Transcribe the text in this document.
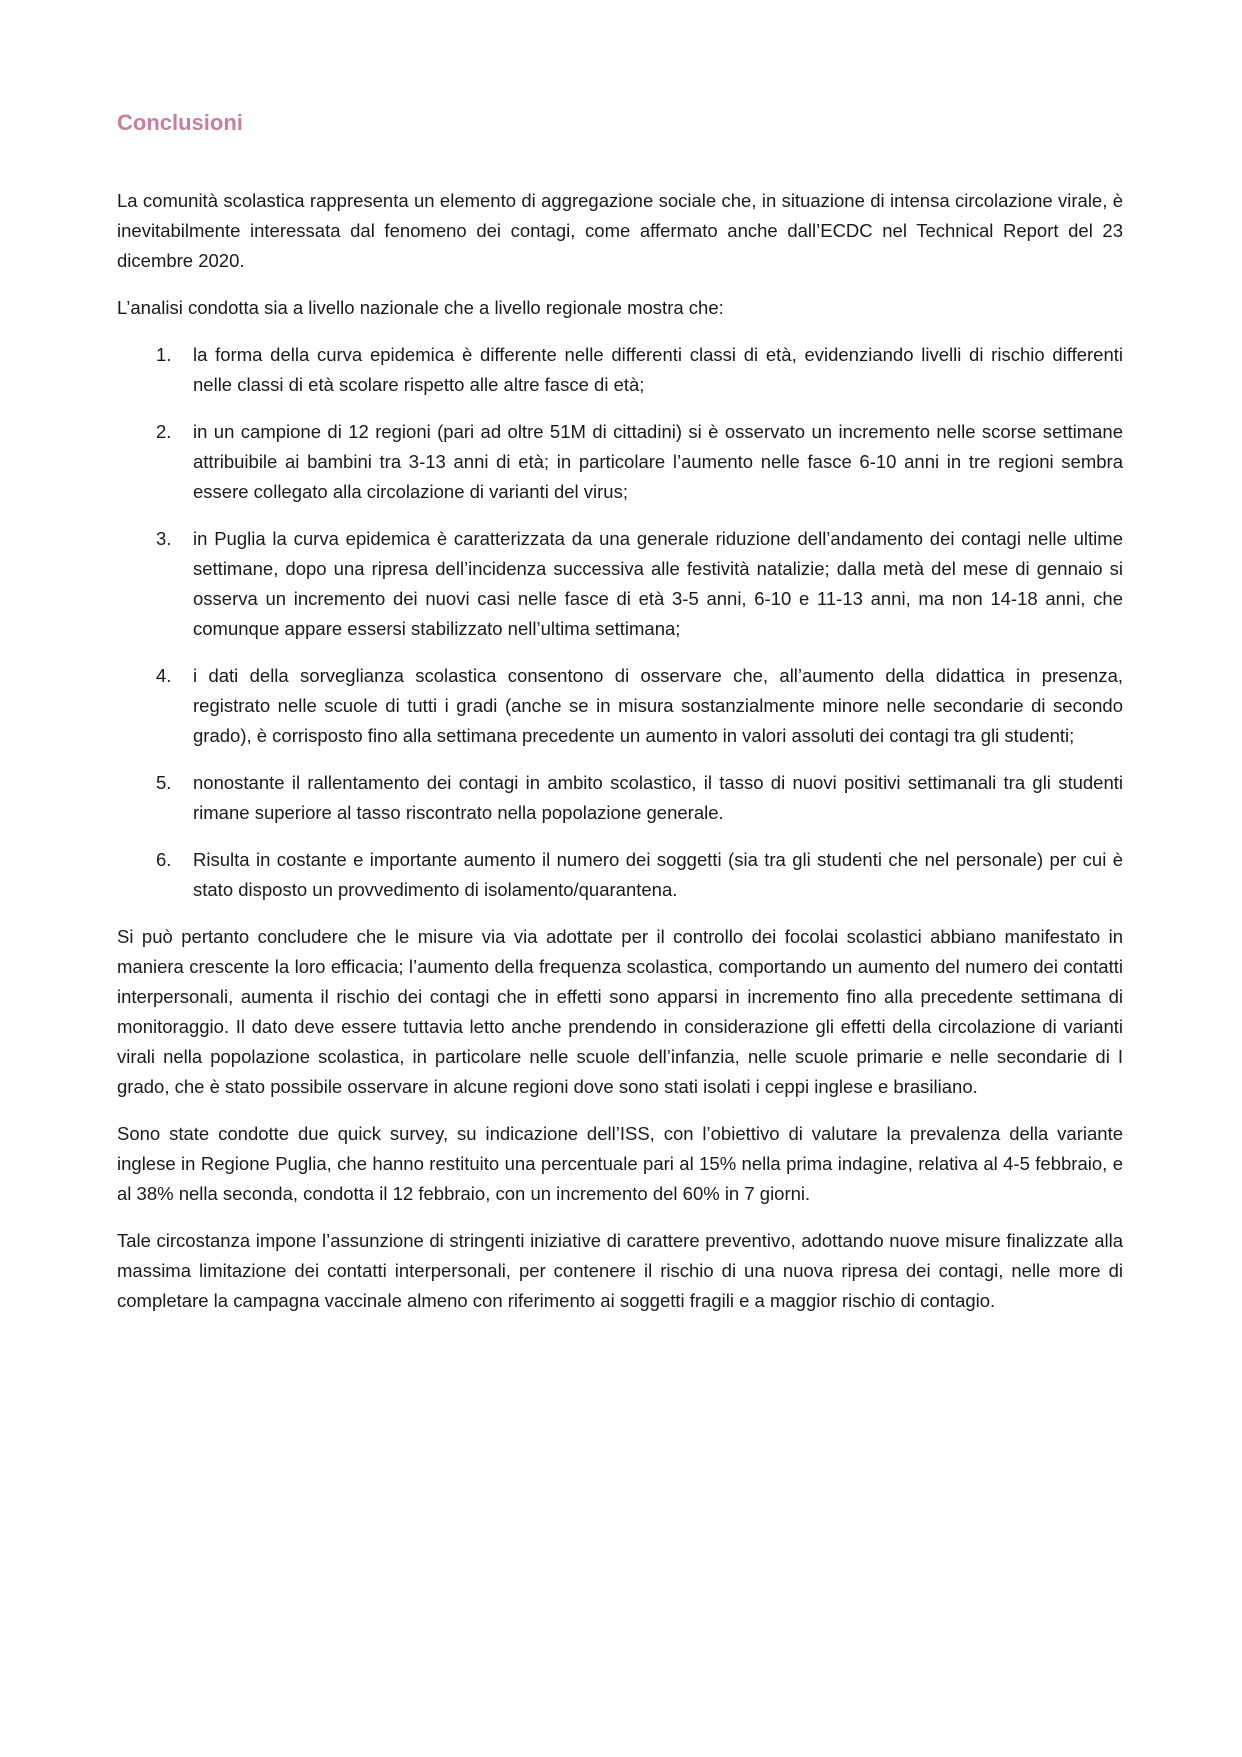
Conclusioni

La comunità scolastica rappresenta un elemento di aggregazione sociale che, in situazione di intensa circolazione virale, è inevitabilmente interessata dal fenomeno dei contagi, come affermato anche dall’ECDC nel Technical Report del 23 dicembre 2020.

L’analisi condotta sia a livello nazionale che a livello regionale mostra che:

1. la forma della curva epidemica è differente nelle differenti classi di età, evidenziando livelli di rischio differenti nelle classi di età scolare rispetto alle altre fasce di età;
2. in un campione di 12 regioni (pari ad oltre 51M di cittadini) si è osservato un incremento nelle scorse settimane attribuibile ai bambini tra 3-13 anni di età; in particolare l’aumento nelle fasce 6-10 anni in tre regioni sembra essere collegato alla circolazione di varianti del virus;
3. in Puglia la curva epidemica è caratterizzata da una generale riduzione dell’andamento dei contagi nelle ultime settimane, dopo una ripresa dell’incidenza successiva alle festività natalizie; dalla metà del mese di gennaio si osserva un incremento dei nuovi casi nelle fasce di età 3-5 anni, 6-10 e 11-13 anni, ma non 14-18 anni, che comunque appare essersi stabilizzato nell’ultima settimana;
4. i dati della sorveglianza scolastica consentono di osservare che, all’aumento della didattica in presenza, registrato nelle scuole di tutti i gradi (anche se in misura sostanzialmente minore nelle secondarie di secondo grado), è corrisposto fino alla settimana precedente un aumento in valori assoluti dei contagi tra gli studenti;
5. nonostante il rallentamento dei contagi in ambito scolastico, il tasso di nuovi positivi settimanali tra gli studenti rimane superiore al tasso riscontrato nella popolazione generale.
6. Risulta in costante e importante aumento il numero dei soggetti (sia tra gli studenti che nel personale) per cui è stato disposto un provvedimento di isolamento/quarantena.

Si può pertanto concludere che le misure via via adottate per il controllo dei focolai scolastici abbiano manifestato in maniera crescente la loro efficacia; l’aumento della frequenza scolastica, comportando un aumento del numero dei contatti interpersonali, aumenta il rischio dei contagi che in effetti sono apparsi in incremento fino alla precedente settimana di monitoraggio. Il dato deve essere tuttavia letto anche prendendo in considerazione gli effetti della circolazione di varianti virali nella popolazione scolastica, in particolare nelle scuole dell’infanzia, nelle scuole primarie e nelle secondarie di I grado, che è stato possibile osservare in alcune regioni dove sono stati isolati i ceppi inglese e brasiliano.

Sono state condotte due quick survey, su indicazione dell’ISS, con l’obiettivo di valutare la prevalenza della variante inglese in Regione Puglia, che hanno restituito una percentuale pari al 15% nella prima indagine, relativa al 4-5 febbraio, e al 38% nella seconda, condotta il 12 febbraio, con un incremento del 60% in 7 giorni.

Tale circostanza impone l’assunzione di stringenti iniziative di carattere preventivo, adottando nuove misure finalizzate alla massima limitazione dei contatti interpersonali, per contenere il rischio di una nuova ripresa dei contagi, nelle more di completare la campagna vaccinale almeno con riferimento ai soggetti fragili e a maggior rischio di contagio.
